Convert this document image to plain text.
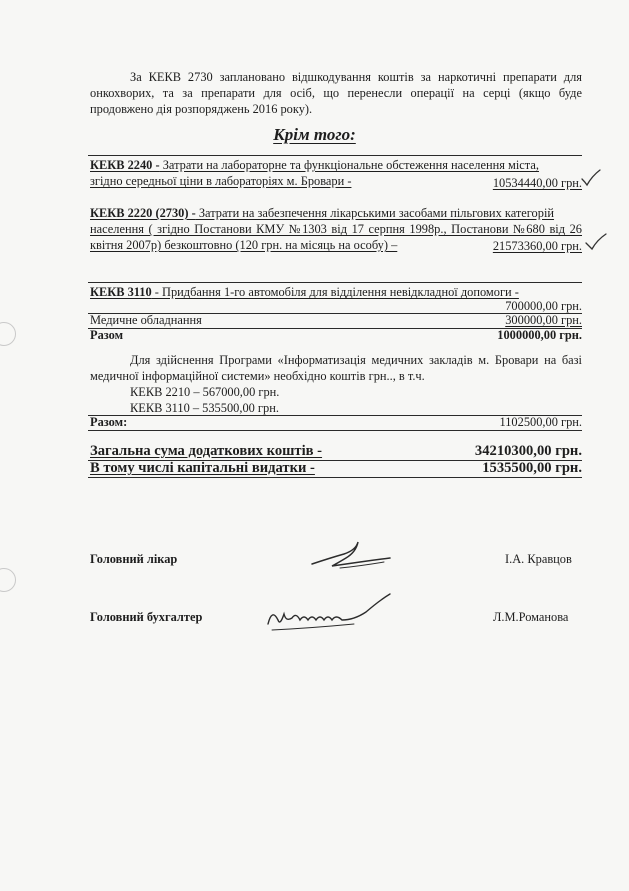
За КЕКВ 2730 заплановано відшкодування коштів за наркотичні препарати для
онкохворих, та за препарати для осіб, що перенесли операції на серці (якщо буде
продовжено дія розпоряджень 2016 року).
Крім того:
КЕКВ 2240 - Затрати на лабораторне та функціональне обстеження населення міста,
згідно середньої ціни в лабораторіях м. Бровари -	10534440,00 грн.
КЕКВ 2220 (2730) - Затрати на забезпечення лікарськими засобами пільгових категорій
населення ( згідно Постанови КМУ №1303 від 17 серпня 1998р., Постанови №680 від 26
квітня 2007р) безкоштовно (120 грн. на місяць на особу) –	21573360,00 грн.
КЕКВ 3110 - Придбання 1-го автомобіля для відділення невідкладної допомоги -
700000,00 грн.
Медичне обладнання	300000,00 грн.
Разом	1000000,00 грн.
Для здійснення Програми «Інформатизація медичних закладів м. Бровари на базі
медичної інформаційної системи» необхідно коштів грн.., в т.ч.
КЕКВ 2210 – 567000,00 грн.
КЕКВ 3110 – 535500,00 грн.
Разом:	1102500,00 грн.
Загальна сума додаткових коштів -	34210300,00 грн.
В тому числі капітальні видатки -	1535500,00 грн.
Головний лікар	І.А. Кравцов
Головний бухгалтер	Л.М.Романова
